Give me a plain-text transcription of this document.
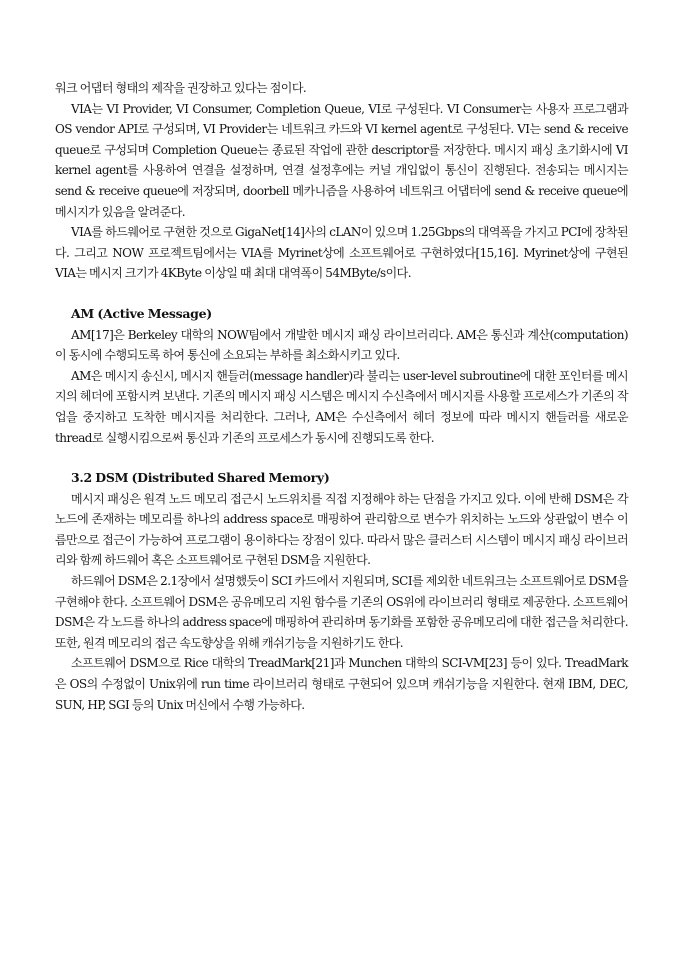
워크 어댑터 형태의 제작을 권장하고 있다는 점이다.

VIA는 VI Provider, VI Consumer, Completion Queue, VI로 구성된다. VI Consumer는 사용자 프로그램과 OS vendor API로 구성되며, VI Provider는 네트워크 카드와 VI kernel agent로 구성된다. VI는 send & receive queue로 구성되며 Completion Queue는 종료된 작업에 관한 descriptor를 저장한다. 메시지 패싱 초기화시에 VI kernel agent를 사용하여 연결을 설정하며, 연결 설정후에는 커널 개입없이 통신이 진행된다. 전송되는 메시지는 send & receive queue에 저장되며, doorbell 메카니즘을 사용하여 네트워크 어댑터에 send & receive queue에 메시지가 있음을 알려준다.

VIA를 하드웨어로 구현한 것으로 GigaNet[14]사의 cLAN이 있으며 1.25Gbps의 대역폭을 가지고 PCI에 장착된다. 그리고 NOW 프로젝트팀에서는 VIA를 Myrinet상에 소프트웨어로 구현하였다[15,16]. Myrinet상에 구현된 VIA는 메시지 크기가 4KByte 이상일 때 최대 대역폭이 54MByte/s이다.

AM (Active Message)

AM[17]은 Berkeley 대학의 NOW팀에서 개발한 메시지 패싱 라이브러리다. AM은 통신과 계산(computation)이 동시에 수행되도록 하여 통신에 소요되는 부하를 최소화시키고 있다.

AM은 메시지 송신시, 메시지 핸들러(message handler)라 불리는 user-level subroutine에 대한 포인터를 메시지의 헤더에 포함시켜 보낸다. 기존의 메시지 패싱 시스템은 메시지 수신측에서 메시지를 사용할 프로세스가 기존의 작업을 중지하고 도착한 메시지를 처리한다. 그러나, AM은 수신측에서 헤더 정보에 따라 메시지 핸들러를 새로운 thread로 실행시킴으로써 통신과 기존의 프로세스가 동시에 진행되도록 한다.

3.2 DSM (Distributed Shared Memory)

메시지 패싱은 원격 노드 메모리 접근시 노드위치를 직접 지정해야 하는 단점을 가지고 있다. 이에 반해 DSM은 각 노드에 존재하는 메모리를 하나의 address space로 매핑하여 관리함으로 변수가 위치하는 노드와 상관없이 변수 이름만으로 접근이 가능하여 프로그램이 용이하다는 장점이 있다. 따라서 많은 클러스터 시스템이 메시지 패싱 라이브러리와 함께 하드웨어 혹은 소프트웨어로 구현된 DSM을 지원한다.

하드웨어 DSM은 2.1장에서 설명했듯이 SCI 카드에서 지원되며, SCI를 제외한 네트워크는 소프트웨어로 DSM을 구현해야 한다. 소프트웨어 DSM은 공유메모리 지원 함수를 기존의 OS위에 라이브러리 형태로 제공한다. 소프트웨어 DSM은 각 노드를 하나의 address space에 매핑하여 관리하며 동기화를 포함한 공유메모리에 대한 접근을 처리한다. 또한, 원격 메모리의 접근 속도향상을 위해 캐쉬기능을 지원하기도 한다.

소프트웨어 DSM으로 Rice 대학의 TreadMark[21]과 Munchen 대학의 SCI-VM[23] 등이 있다. TreadMark은 OS의 수정없이 Unix위에 run time 라이브러리 형태로 구현되어 있으며 캐쉬기능을 지원한다. 현재 IBM, DEC, SUN, HP, SGI 등의 Unix 머신에서 수행 가능하다.
